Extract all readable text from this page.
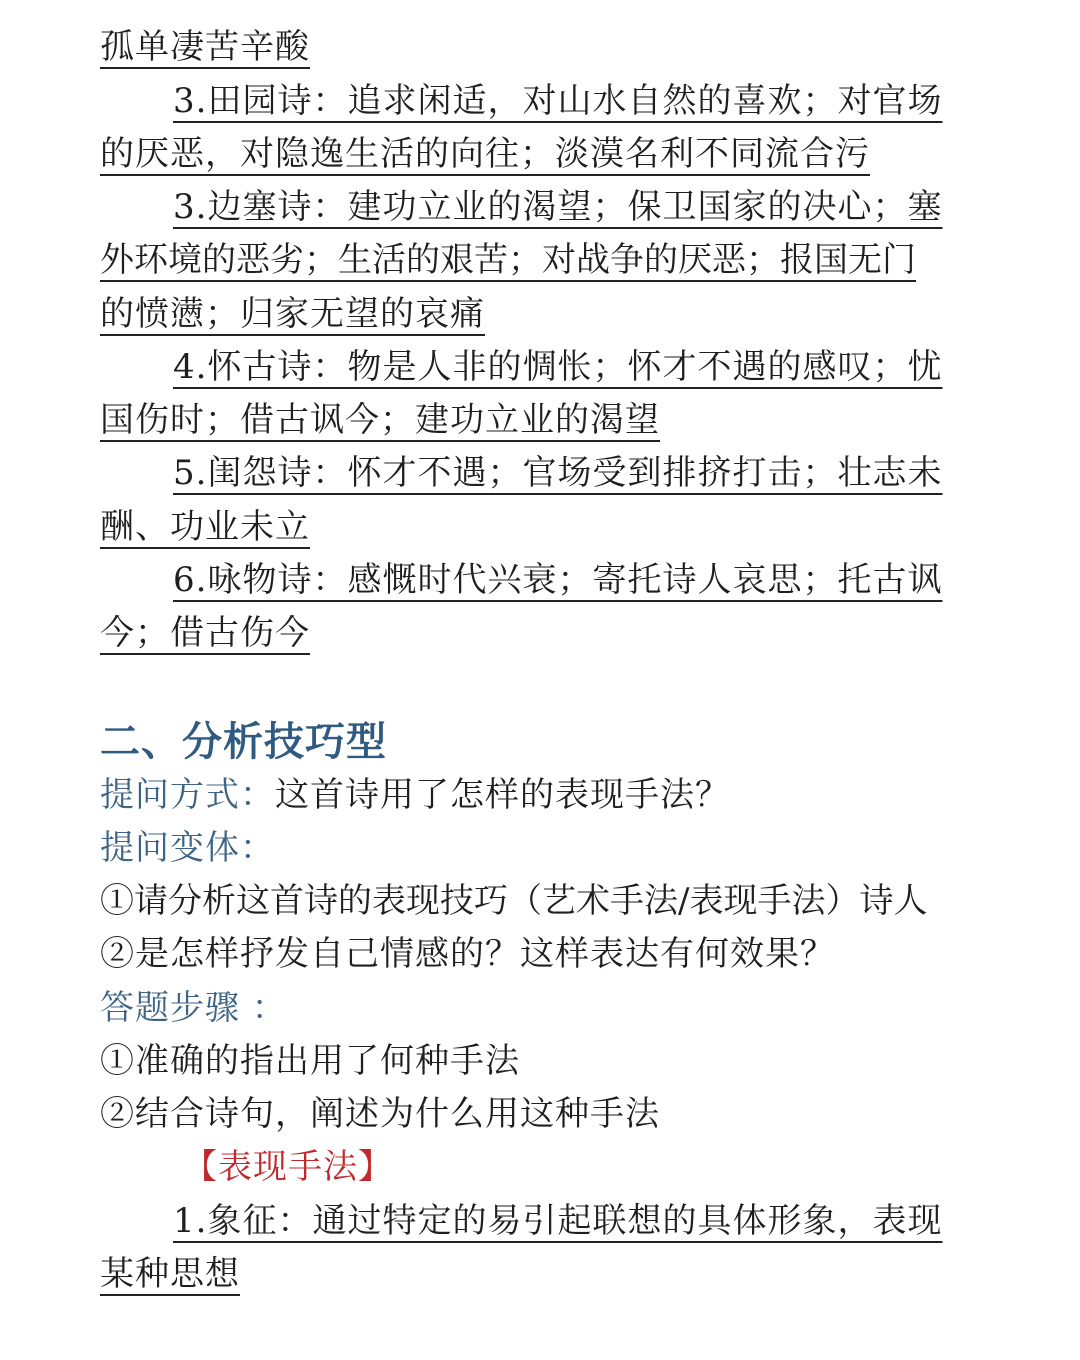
孤单凄苦辛酸
3.田园诗：追求闲适，对山水自然的喜欢；对官场
的厌恶，对隐逸生活的向往；淡漠名利不同流合污
3.边塞诗：建功立业的渴望；保卫国家的决心；塞
外环境的恶劣；生活的艰苦；对战争的厌恶；报国无门
的愤懑；归家无望的哀痛
4.怀古诗：物是人非的惆怅；怀才不遇的感叹；忧
国伤时；借古讽今；建功立业的渴望
5.闺怨诗：怀才不遇；官场受到排挤打击；壮志未
酬、功业未立
6.咏物诗：感慨时代兴衰；寄托诗人哀思；托古讽
今；借古伤今
二、分析技巧型
提问方式：这首诗用了怎样的表现手法？
提问变体：
①请分析这首诗的表现技巧（艺术手法/表现手法）诗人
②是怎样抒发自己情感的？这样表达有何效果？
答题步骤 ：
①准确的指出用了何种手法
②结合诗句，阐述为什么用这种手法
【表现手法】
1.象征：通过特定的易引起联想的具体形象，表现
某种思想
